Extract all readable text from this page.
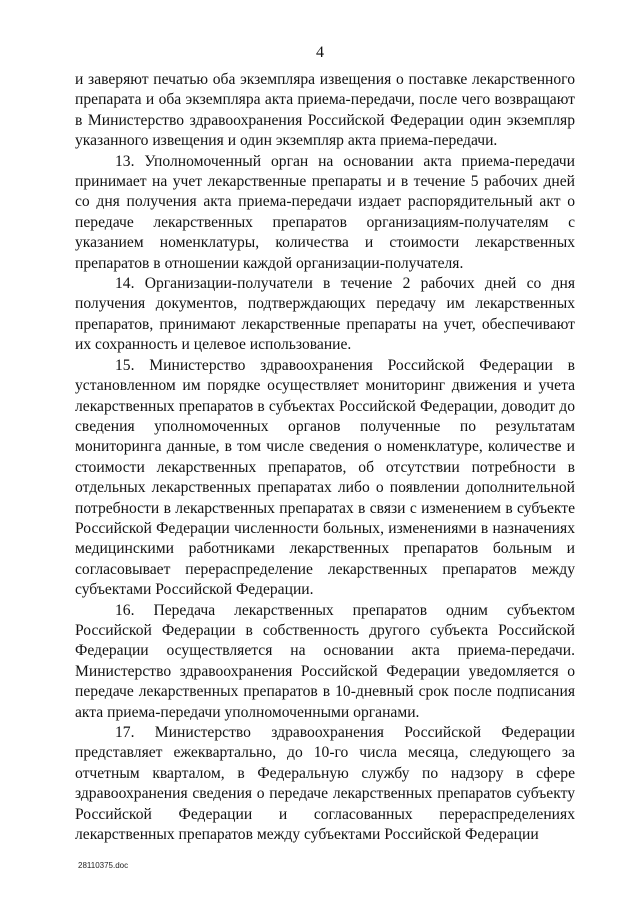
4

и заверяют печатью оба экземпляра извещения о поставке лекарственного препарата и оба экземпляра акта приема-передачи, после чего возвращают в Министерство здравоохранения Российской Федерации один экземпляр указанного извещения и один экземпляр акта приема-передачи.

13. Уполномоченный орган на основании акта приема-передачи принимает на учет лекарственные препараты и в течение 5 рабочих дней со дня получения акта приема-передачи издает распорядительный акт о передаче лекарственных препаратов организациям-получателям с указанием номенклатуры, количества и стоимости лекарственных препаратов в отношении каждой организации-получателя.

14. Организации-получатели в течение 2 рабочих дней со дня получения документов, подтверждающих передачу им лекарственных препаратов, принимают лекарственные препараты на учет, обеспечивают их сохранность и целевое использование.

15. Министерство здравоохранения Российской Федерации в установленном им порядке осуществляет мониторинг движения и учета лекарственных препаратов в субъектах Российской Федерации, доводит до сведения уполномоченных органов полученные по результатам мониторинга данные, в том числе сведения о номенклатуре, количестве и стоимости лекарственных препаратов, об отсутствии потребности в отдельных лекарственных препаратах либо о появлении дополнительной потребности в лекарственных препаратах в связи с изменением в субъекте Российской Федерации численности больных, изменениями в назначениях медицинскими работниками лекарственных препаратов больным и согласовывает перераспределение лекарственных препаратов между субъектами Российской Федерации.

16. Передача лекарственных препаратов одним субъектом Российской Федерации в собственность другого субъекта Российской Федерации осуществляется на основании акта приема-передачи. Министерство здравоохранения Российской Федерации уведомляется о передаче лекарственных препаратов в 10-дневный срок после подписания акта приема-передачи уполномоченными органами.

17. Министерство здравоохранения Российской Федерации представляет ежеквартально, до 10-го числа месяца, следующего за отчетным кварталом, в Федеральную службу по надзору в сфере здравоохранения сведения о передаче лекарственных препаратов субъекту Российской Федерации и согласованных перераспределениях лекарственных препаратов между субъектами Российской Федерации

28110375.doc
